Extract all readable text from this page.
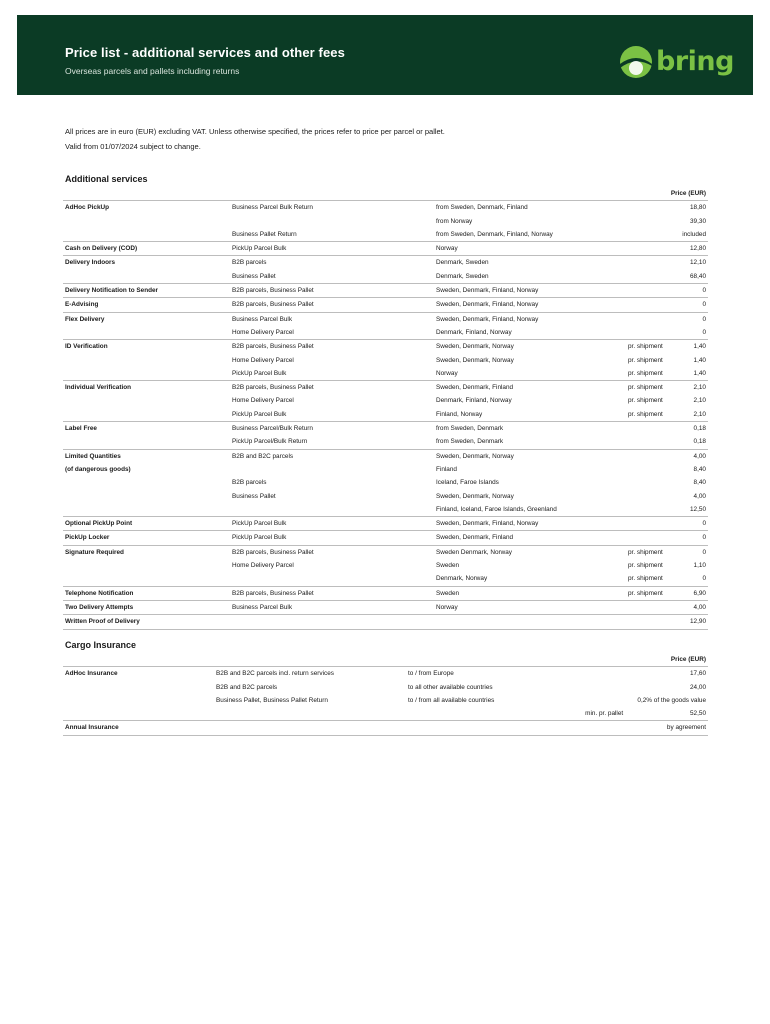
Price list - additional services and other fees
Overseas parcels and pallets including returns	bring
All prices are in euro (EUR) excluding VAT. Unless otherwise specified, the prices refer to price per parcel or pallet.
Valid from 01/07/2024 subject to change.
Additional services
Price (EUR)				
AdHoc PickUp	Business Parcel Bulk Return	from Sweden, Denmark, Finland		18,80
		from Norway		39,30
	Business Pallet Return	from Sweden, Denmark, Finland, Norway		included
Cash on Delivery (COD)	PickUp Parcel Bulk	Norway		12,80
Delivery Indoors	B2B parcels	Denmark, Sweden		12,10
	Business Pallet	Denmark, Sweden		68,40
Delivery Notification to Sender	B2B parcels, Business Pallet	Sweden, Denmark, Finland, Norway		0
E-Advising	B2B parcels, Business Pallet	Sweden, Denmark, Finland, Norway		0
Flex Delivery	Business Parcel Bulk	Sweden, Denmark, Finland, Norway		0
	Home Delivery Parcel	Denmark, Finland, Norway		0
ID Verification	B2B parcels, Business Pallet	Sweden, Denmark, Norway	pr. shipment	1,40
	Home Delivery Parcel	Sweden, Denmark, Norway	pr. shipment	1,40
	PickUp Parcel Bulk	Norway	pr. shipment	1,40
Individual Verification	B2B parcels, Business Pallet	Sweden, Denmark, Finland	pr. shipment	2,10
	Home Delivery Parcel	Denmark, Finland, Norway	pr. shipment	2,10
	PickUp Parcel Bulk	Finland, Norway	pr. shipment	2,10
Label Free	Business Parcel/Bulk Return	from Sweden, Denmark		0,18
	PickUp Parcel/Bulk Return	from Sweden, Denmark		0,18
Limited Quantities	B2B and B2C parcels	Sweden, Denmark, Norway		4,00
(of dangerous goods)		Finland		8,40
	B2B parcels	Iceland, Faroe Islands		8,40
	Business Pallet	Sweden, Denmark, Norway		4,00
		Finland, Iceland, Faroe Islands, Greenland		12,50
Optional PickUp Point	PickUp Parcel Bulk	Sweden, Denmark, Finland, Norway		0
PickUp Locker	PickUp Parcel Bulk	Sweden, Denmark, Finland		0
Signature Required	B2B parcels, Business Pallet	Sweden Denmark, Norway	pr. shipment	0
	Home Delivery Parcel	Sweden	pr. shipment	1,10
		Denmark, Norway	pr. shipment	0
Telephone Notification	B2B parcels, Business Pallet	Sweden	pr. shipment	6,90
Two Delivery Attempts	Business Parcel Bulk	Norway		4,00
Written Proof of Delivery				12,90
Cargo Insurance
Price (EUR)				
AdHoc Insurance	B2B and B2C parcels incl. return services	to / from Europe		17,60
	B2B and B2C parcels	to all other available countries		24,00
	Business Pallet, Business Pallet Return	to / from all available countries		0,2% of the goods value
			min. pr. pallet	52,50
Annual Insurance				by agreement
